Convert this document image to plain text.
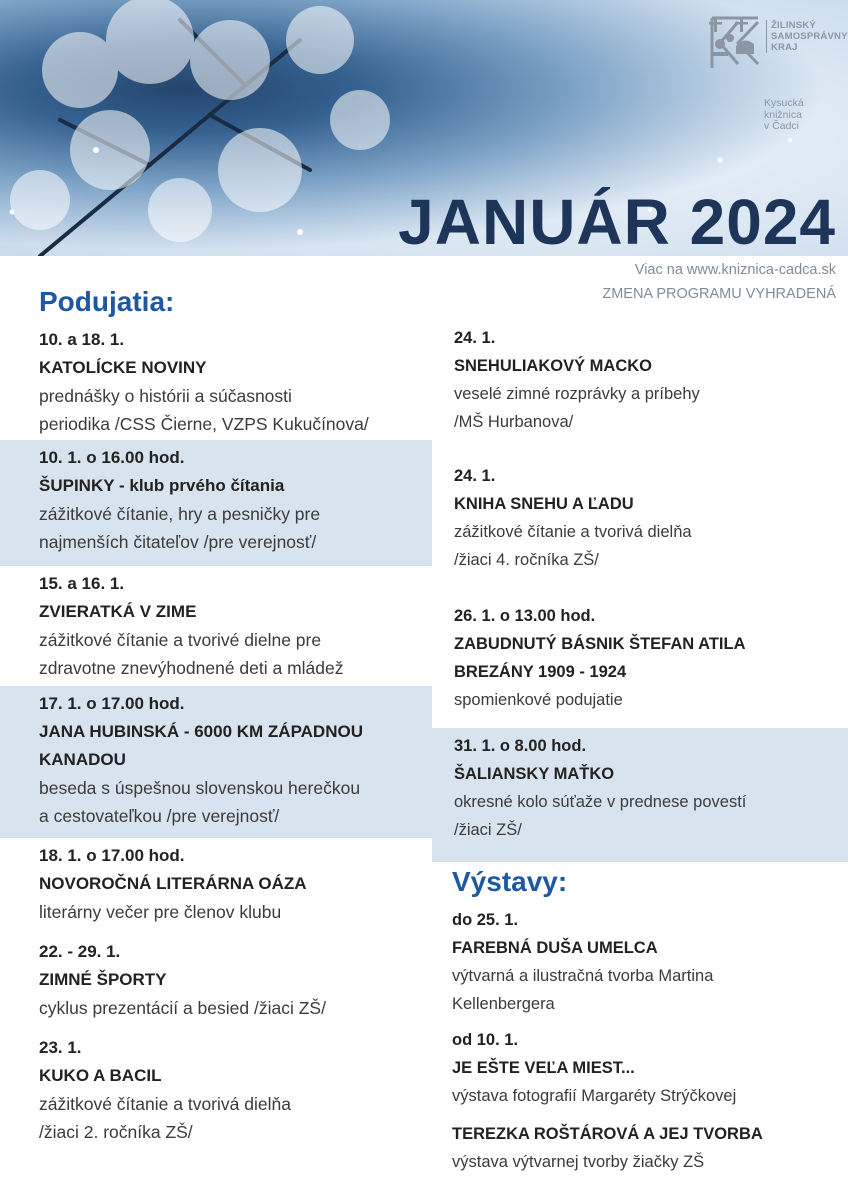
ŽILINSKÝ
SAMOSPRÁVNY
KRAJ
Kysucká
knižnica
v Čadci
JANUÁR 2024

Viac na www.kniznica-cadca.sk

ZMENA PROGRAMU VYHRADENÁ

Podujatia:
10. a 18. 1.
KATOLÍCKE NOVINY
prednášky o histórii a súčasnosti
periodika /CSS Čierne, VZPS Kukučínova/
10. 1. o 16.00 hod.
ŠUPINKY - klub prvého čítania
zážitkové čítanie, hry a pesničky pre
najmenších čitateľov /pre verejnosť/
15. a 16. 1.
ZVIERATKÁ V ZIME
zážitkové čítanie a tvorivé dielne pre
zdravotne znevýhodnené deti a mládež
17. 1. o 17.00 hod.
JANA HUBINSKÁ - 6000 KM ZÁPADNOU
KANADOU
beseda s úspešnou slovenskou herečkou
a cestovateľkou /pre verejnosť/
18. 1. o 17.00 hod.
NOVOROČNÁ LITERÁRNA OÁZA
literárny večer pre členov klubu
22. - 29. 1.
ZIMNÉ ŠPORTY
cyklus prezentácií a besied /žiaci ZŠ/
23. 1.
KUKO A BACIL
zážitkové čítanie a tvorivá dielňa
/žiaci 2. ročníka ZŠ/
24. 1.
SNEHULIAKOVÝ MACKO
veselé zimné rozprávky a príbehy
/MŠ Hurbanova/
24. 1.
KNIHA SNEHU A ĽADU
zážitkové čítanie a tvorivá dielňa
/žiaci 4. ročníka ZŠ/
26. 1. o 13.00 hod.
ZABUDNUTÝ BÁSNIK ŠTEFAN ATILA
BREZÁNY 1909 - 1924
spomienkové podujatie
31. 1. o 8.00 hod.
ŠALIANSKY MAŤKO
okresné kolo súťaže v prednese povestí
/žiaci ZŠ/
Výstavy:
do 25. 1.
FAREBNÁ DUŠA UMELCA
výtvarná a ilustračná tvorba Martina
Kellenbergera
od 10. 1.
JE EŠTE VEĽA MIEST...
výstava fotografií Margaréty Strýčkovej
TEREZKA ROŠTÁROVÁ A JEJ TVORBA
výstava výtvarnej tvorby žiačky ZŠ
